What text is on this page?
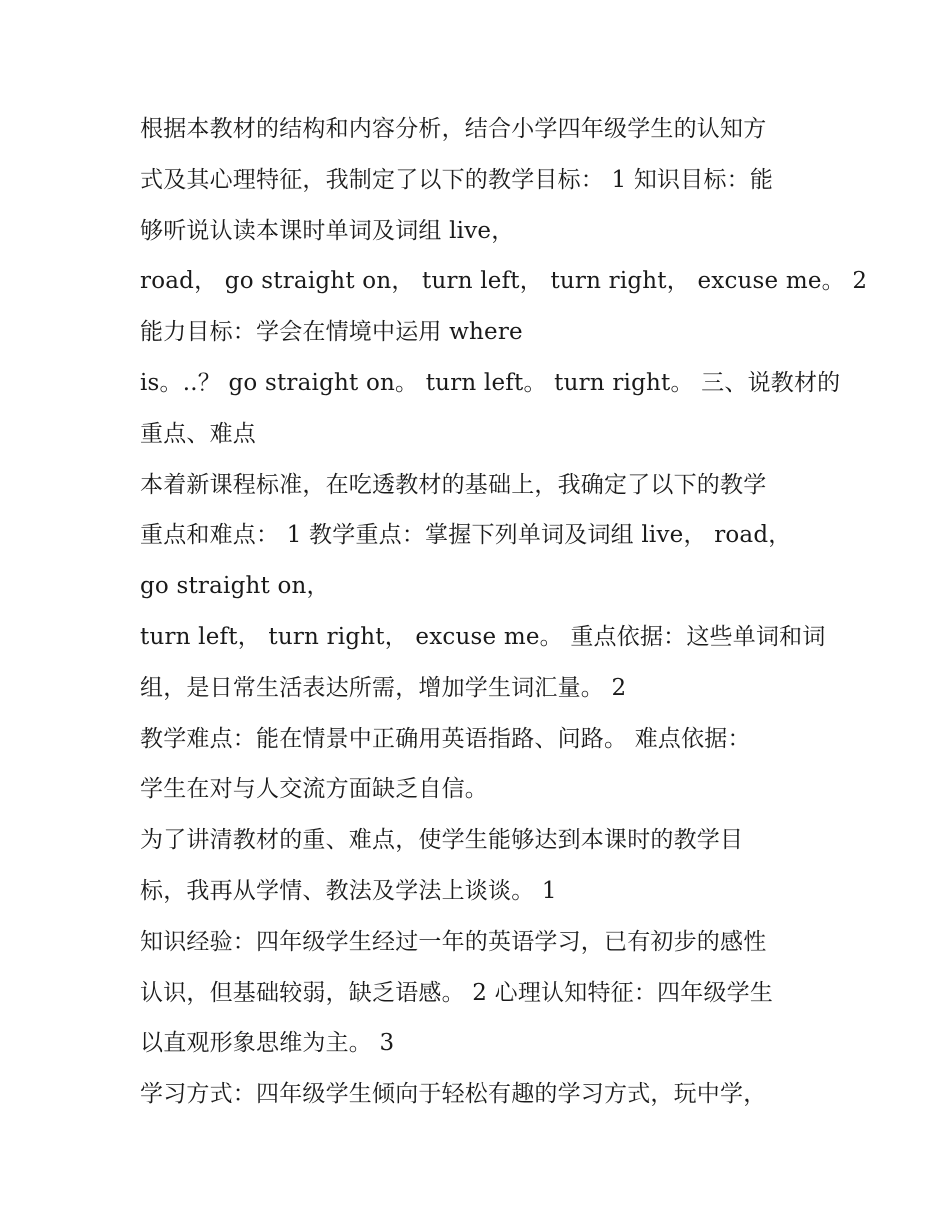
根据本教材的结构和内容分析，结合小学四年级学生的认知方
式及其心理特征，我制定了以下的教学目标： 1 知识目标：能
够听说认读本课时单词及词组 live，
road， go straight on， turn left， turn right， excuse me。 2
能力目标：学会在情境中运用 where
is。..？ go straight on。 turn left。 turn right。 三、说教材的
重点、难点
本着新课程标准，在吃透教材的基础上，我确定了以下的教学
重点和难点： 1 教学重点：掌握下列单词及词组 live， road，
go straight on，
turn left， turn right， excuse me。 重点依据：这些单词和词
组，是日常生活表达所需，增加学生词汇量。 2
教学难点：能在情景中正确用英语指路、问路。 难点依据：
学生在对与人交流方面缺乏自信。
为了讲清教材的重、难点，使学生能够达到本课时的教学目
标，我再从学情、教法及学法上谈谈。 1
知识经验：四年级学生经过一年的英语学习，已有初步的感性
认识，但基础较弱，缺乏语感。 2 心理认知特征：四年级学生
以直观形象思维为主。 3
学习方式：四年级学生倾向于轻松有趣的学习方式，玩中学，
